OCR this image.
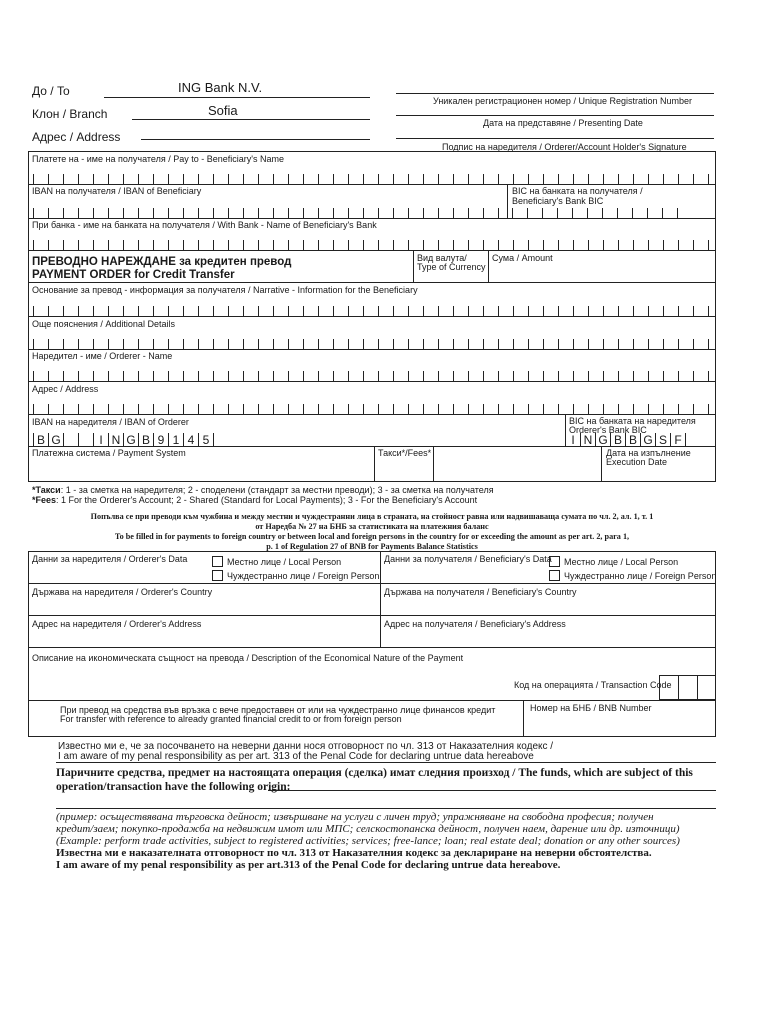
До / To	ING Bank N.V.
Клон / Branch	Sofia
Адрес / Address
Уникален регистрационен номер / Unique Registration Number
Дата на представяне / Presenting Date
Подпис на наредителя / Orderer/Account Holder's Signature
Платете на - име на получателя / Pay to - Beneficiary's Name
IBAN на получателя / IBAN of Beneficiary	BIC на банката на получателя /
Beneficiary's Bank BIC
При банка - име на банката на получателя / With Bank - Name of Beneficiary's Bank
ПРЕВОДНО НАРЕЖДАНЕ за кредитен превод
PAYMENT ORDER for Credit Transfer
Вид валута/
Type of Currency
Сума / Amount
Основание за превод - информация за получателя / Narrative - Information for the Beneficiary
Още пояснения / Additional Details
Наредител - име / Orderer - Name
Адрес / Address
IBAN на наредителя / IBAN of Orderer
B G	I N G B 9 1 4 5
BIC на банката на наредителя
Orderer's Bank BIC
I N G B B G S F
Платежна система / Payment System	Такси*/Fees*	Дата на изпълнение
Execution Date
*Такси: 1 - за сметка на наредителя; 2 - споделени (стандарт за местни преводи); 3 - за сметка на получателя
*Fees: 1 For the Orderer's Account; 2 - Shared (Standard for Local Payments); 3 - For the Beneficiary's Account
Попълва се при преводи към чужбина и между местни и чуждестранни лица в страната, на стойност равна или надвишаваща сумата по чл. 2, ал. 1, т. 1
от Наредба № 27 на БНБ за статистиката на платежния баланс
To be filled in for payments to foreign country or between local and foreign persons in the country for or exceeding the amount as per art. 2, para 1,
p. 1 of Regulation 27 of BNB for Payments Balance Statistics
Данни за наредителя / Orderer's Data	Местно лице / Local Person
Чуждестранно лице / Foreign Person
Данни за получателя / Beneficiary's Data	Местно лице / Local Person
Чуждестранно лице / Foreign Person
Държава на наредителя / Orderer's Country	Държава на получателя / Beneficiary's Country
Адрес на наредителя / Orderer's Address	Адрес на получателя / Beneficiary's Address
Описание на икономическата същност на превода / Description of the Economical Nature of the Payment
Код на операцията / Transaction Code
При превод на средства във връзка с вече предоставен от или на чуждестранно лице финансов кредит
For transfer with reference to already granted financial credit to or from foreign person
Номер на БНБ / BNB Number
Известно ми е, че за посочването на неверни данни нося отговорност по чл. 313 от Наказателния кодекс /
I am aware of my penal responsibility as per art. 313 of the Penal Code for declaring untrue data hereabove
Паричните средства, предмет на настоящата операция (сделка) имат следния произход / The funds, which are subject of this
operation/transaction have the following origin:
(пример: осъществявана търговска дейност; извършване на услуги с личен труд; упражняване на свободна професия; получен
кредит/заем; покупко-продажба на недвижим имот или МПС; селскостопанска дейност, получен наем, дарение или др. източници)
(Example: perform trade activities, subject to registered activities; services; free-lance; loan; real estate deal; donation or any other sources)
Известна ми е наказателната отговорност по чл. 313 от Наказателния кодекс за деклариране на неверни обстоятелства.
I am aware of my penal responsibility as per art.313 of the Penal Code for declaring untrue data hereabove.
